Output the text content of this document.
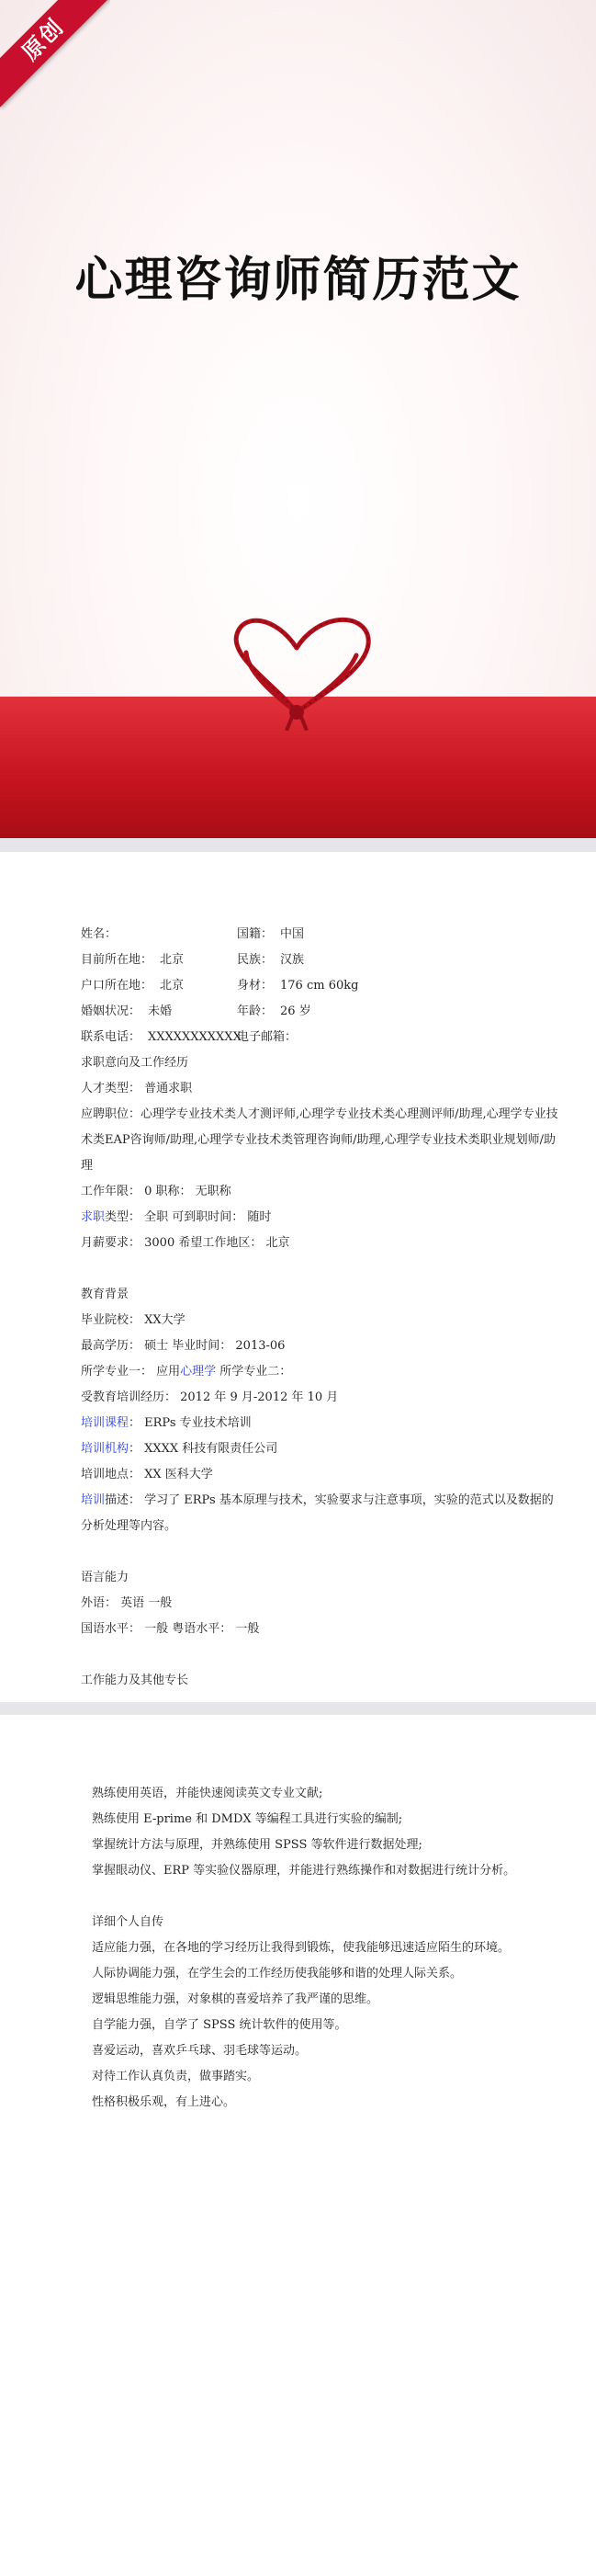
原创
心理咨询师简历范文
姓名：	国籍： 中国
目前所在地： 北京	民族： 汉族
户口所在地： 北京	身材： 176 cm 60kg
婚姻状况： 未婚	年龄： 26 岁
联系电话： XXXXXXXXXXX
电子邮箱：
求职意向及工作经历
人才类型： 普通求职
应聘职位：心理学专业技术类人才测评师,心理学专业技术类心理测评师/助理,心理学专业技术类EAP咨询师/助理,心理学专业技术类管理咨询师/助理,心理学专业技术类职业规划师/助理
工作年限： 0 职称： 无职称
求职类型： 全职 可到职时间： 随时
月薪要求： 3000 希望工作地区： 北京
教育背景
毕业院校： XX大学
最高学历： 硕士 毕业时间： 2013-06
所学专业一： 应用心理学 所学专业二：
受教育培训经历： 2012 年 9 月-2012 年 10 月
培训课程： ERPs 专业技术培训
培训机构： XXXX 科技有限责任公司
培训地点： XX 医科大学
培训描述： 学习了 ERPs 基本原理与技术，实验要求与注意事项，实验的范式以及数据的分析处理等内容。
语言能力
外语： 英语 一般
国语水平： 一般 粤语水平： 一般
工作能力及其他专长
熟练使用英语，并能快速阅读英文专业文献;
熟练使用 E-prime 和 DMDX 等编程工具进行实验的编制;
掌握统计方法与原理，并熟练使用 SPSS 等软件进行数据处理;
掌握眼动仪、ERP 等实验仪器原理，并能进行熟练操作和对数据进行统计分析。
详细个人自传
适应能力强，在各地的学习经历让我得到锻炼，使我能够迅速适应陌生的环境。
人际协调能力强，在学生会的工作经历使我能够和谐的处理人际关系。
逻辑思维能力强，对象棋的喜爱培养了我严谨的思维。
自学能力强，自学了 SPSS 统计软件的使用等。
喜爱运动，喜欢乒乓球、羽毛球等运动。
对待工作认真负责，做事踏实。
性格积极乐观，有上进心。
